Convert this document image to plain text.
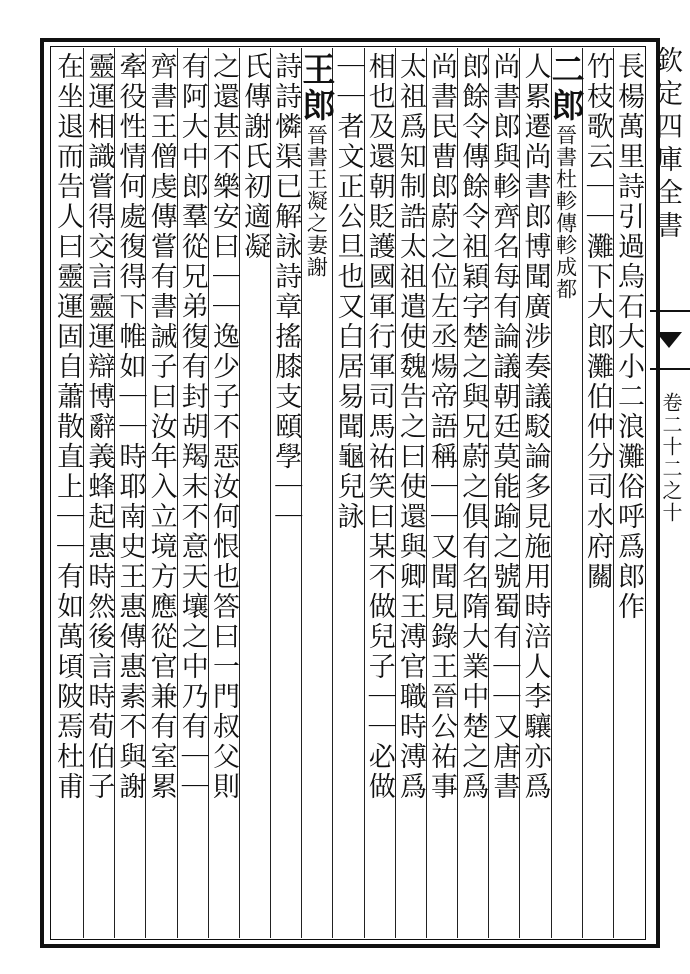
欽定四庫全書
卷二十二之十
長楊萬里詩引過烏石大小二浪灘俗呼爲郎作
竹枝歌云｜｜灘下大郎灘伯仲分司水府關
二郎晉書杜軫傳軫成都
人累遷尚書郎博聞廣涉奏議駁論多見施用時涪人李驤亦爲
尚書郎與軫齊名每有論議朝廷莫能踰之號蜀有｜｜又唐書
郎餘令傳餘令祖穎字楚之與兄蔚之俱有名隋大業中楚之爲
尚書民曹郎蔚之位左丞煬帝語稱｜｜又聞見錄王晉公祐事
太祖爲知制誥太祖遣使魏告之曰使還與卿王溥官職時溥爲
相也及還朝貶護國軍行軍司馬祐笑曰某不做兒子｜｜必做
｜｜者文正公旦也又白居易聞龜兒詠
王郎晉書王凝之妻謝
詩詩憐渠已解詠詩章搖膝支頤學｜｜
氏傳謝氏初適凝
之還甚不樂安曰｜｜逸少子不惡汝何恨也答曰一門叔父則
有阿大中郎羣從兄弟復有封胡羯末不意天壤之中乃有｜｜
齊書王僧虔傳嘗有書誡子曰汝年入立境方應從官兼有室累
牽役性情何處復得下帷如｜｜時耶南史王惠傳惠素不與謝
靈運相識嘗得交言靈運辯博辭義蜂起惠時然後言時荀伯子
在坐退而告人曰靈運固自蕭散直上｜｜有如萬頃陂焉杜甫
